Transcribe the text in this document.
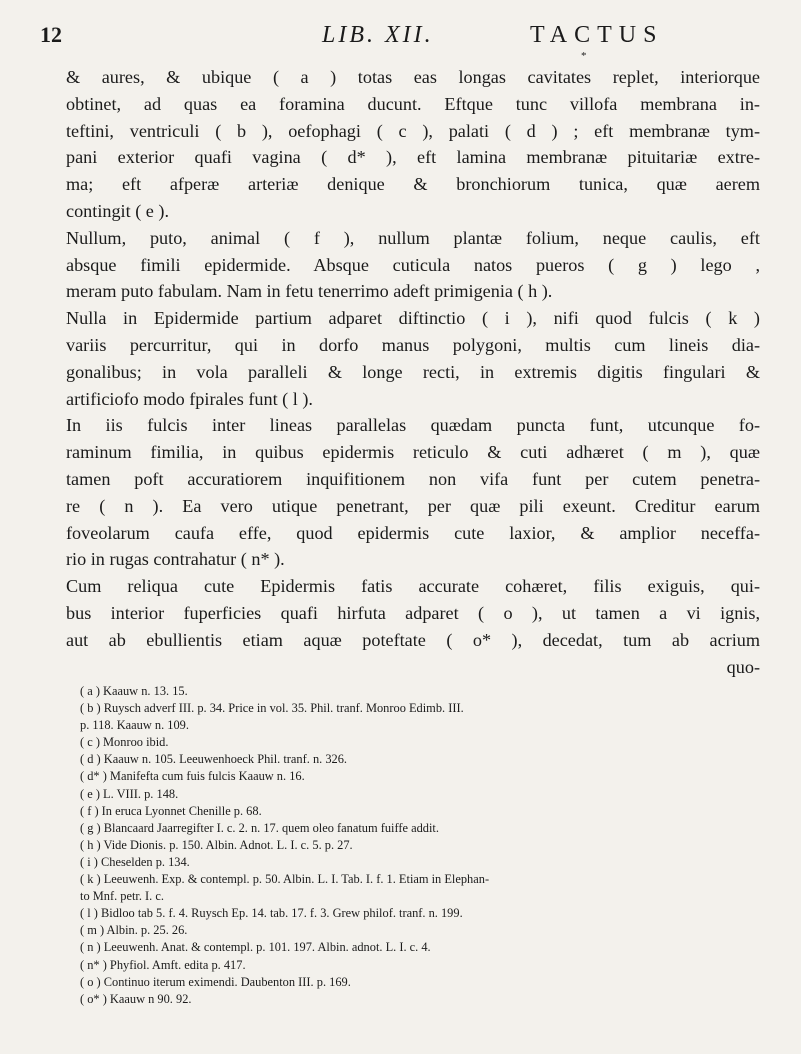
12	LIB. XII.	TACTUS
*
& aures, & ubique ( a ) totas eas longas cavitates replet, interiorque
obtinet, ad quas ea foramina ducunt. Eftque tunc villofa membrana in-
teftini, ventriculi ( b ), oefophagi ( c ), palati ( d ) ; eft membranæ tym-
pani exterior quafi vagina ( d* ), eft lamina membranæ pituitariæ extre-
ma; eft afperæ arteriæ denique & bronchiorum tunica, quæ aerem
contingit ( e ).
Nullum, puto, animal ( f ), nullum plantæ folium, neque caulis, eft
absque fimili epidermide. Absque cuticula natos pueros ( g ) lego ,
meram puto fabulam. Nam in fetu tenerrimo adeft primigenia ( h ).
Nulla in Epidermide partium adparet diftinctio ( i ), nifi quod fulcis ( k )
variis percurritur, qui in dorfo manus polygoni, multis cum lineis dia-
gonalibus; in vola paralleli & longe recti, in extremis digitis fingulari &
artificiofo modo fpirales funt ( l ).
In iis fulcis inter lineas parallelas quædam puncta funt, utcunque fo-
raminum fimilia, in quibus epidermis reticulo & cuti adhæret ( m ), quæ
tamen poft accuratiorem inquifitionem non vifa funt per cutem penetra-
re ( n ). Ea vero utique penetrant, per quæ pili exeunt. Creditur earum
foveolarum caufa effe, quod epidermis cute laxior, & amplior neceffa-
rio in rugas contrahatur ( n* ).
Cum reliqua cute Epidermis fatis accurate cohæret, filis exiguis, qui-
bus interior fuperficies quafi hirfuta adparet ( o ), ut tamen a vi ignis,
aut ab ebullientis etiam aquæ poteftate ( o* ), decedat, tum ab acrium
quo-
( a ) Kaauw n. 13. 15.
( b ) Ruysch adverf III. p. 34. Price in vol. 35. Phil. tranf. Monroo Edimb. III.
p. 118. Kaauw n. 109.
( c ) Monroo ibid.
( d ) Kaauw n. 105. Leeuwenhoeck Phil. tranf. n. 326.
( d* ) Manifefta cum fuis fulcis Kaauw n. 16.
( e ) L. VIII. p. 148.
( f ) In eruca Lyonnet Chenille p. 68.
( g ) Blancaard Jaarregifter I. c. 2. n. 17. quem oleo fanatum fuiffe addit.
( h ) Vide Dionis. p. 150. Albin. Adnot. L. I. c. 5. p. 27.
( i ) Cheselden p. 134.
( k ) Leeuwenh. Exp. & contempl. p. 50. Albin. L. I. Tab. I. f. 1. Etiam in Elephan-
to Mnf. petr. I. c.
( l ) Bidloo tab 5. f. 4. Ruysch Ep. 14. tab. 17. f. 3. Grew philof. tranf. n. 199.
( m ) Albin. p. 25. 26.
( n ) Leeuwenh. Anat. & contempl. p. 101. 197. Albin. adnot. L. I. c. 4.
( n* ) Phyfiol. Amft. edita p. 417.
( o ) Continuo iterum eximendi. Daubenton III. p. 169.
( o* ) Kaauw n 90. 92.
